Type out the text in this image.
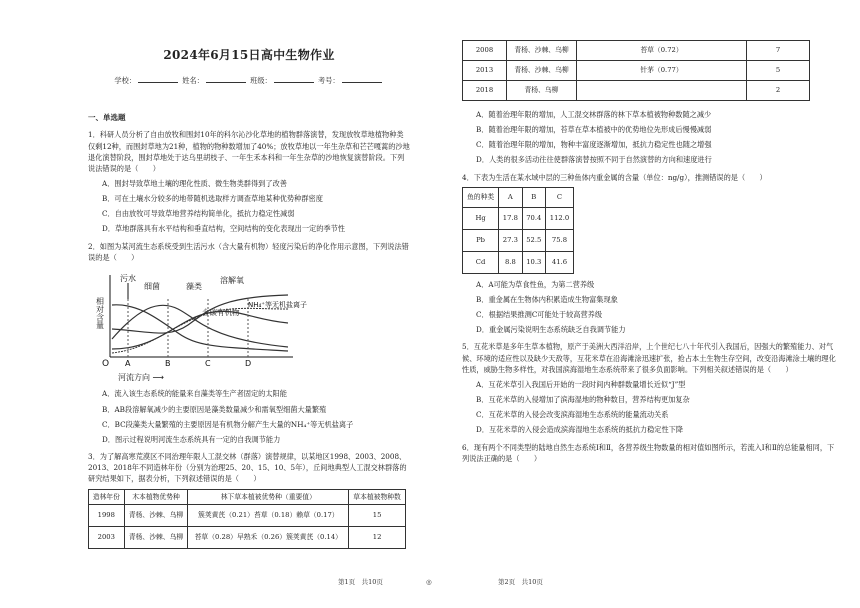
2024年6月15日高中生物作业
学校：	姓名：	班级：	考号：
一、单选题

1．科研人员分析了自由放牧和围封10年的科尔沁沙化草地的植物群落演替，发现放牧草地植物种类仅剩12种，而围封草地为21种，植物的物种数增加了40%；放牧草地以一年生杂草和芒芒嘎蒿的沙地退化演替阶段，围封草地处于达乌里胡枝子、一年生禾本科和一年生杂草的沙地恢复演替阶段。下列说法错误的是（　　）

A．围封导致草地土壤的理化性质、微生物类群得到了改善

B．可在土壤水分较多的地带随机选取样方调查草地某种优势种群密度

C．自由放牧可导致草地营养结构简单化，抵抗力稳定性减弱

D．草地群落具有水平结构和垂直结构，空间结构的变化表现出一定的季节性

2．如图为某河流生态系统受到生活污水（含大量有机物）轻度污染后的净化作用示意图，下列说法错误的是（　　）

相对含量
污水
细菌	藻类
溶解氧
含碳有机物
NH₄⁺等无机盐离子
O A	B	C	D
河流方向 ⟶

A．流入该生态系统的能量来自藻类等生产者固定的太阳能

B．AB段溶解氧减少的主要原因是藻类数量减少和需氧型细菌大量繁殖

C．BC段藻类大量繁殖的主要原因是有机物分解产生大量的NH₄⁺等无机盐离子

D．图示过程说明河流生态系统具有一定的自我调节能力

3．为了解高寒荒漠区不同治理年限人工混交林（群落）演替规律，以某地区1998、2003、2008、2013、2018年不同造林年份（分别为治理25、20、15、10、5年），丘间地典型人工混交林群落的研究结果如下，据表分析，下列叙述错误的是（　　）

造林年份	木本植物优势种	林下草本植被优势种（重要值）	草本植被物种数
1998	青杨、沙棘、乌柳	簇荚黄芪（0.21）苔草（0.18）赖草（0.17）	15
2003	青杨、沙棘、乌柳	苔草（0.28）早熟禾（0.26）簇荚黄芪（0.14）	12
2008	青杨、沙棘、乌柳	苔草（0.72）	7
2013	青杨、沙棘、乌柳	针茅（0.77）	5
2018	青杨、乌柳		2

A．随着治理年限的增加，人工混交林群落的林下草本植被物种数随之减少

B．随着治理年限的增加，苔草在草本植被中的优势地位先形成后慢慢减弱

C．随着治理年限的增加，物种丰富度逐渐增加，抵抗力稳定性也随之增强

D．人类的很多活动往往使群落演替按照不同于自然演替的方向和速度进行

4．下表为生活在某水域中层的三种鱼体内重金属的含量（单位：ng/g），推测错误的是（　　）

鱼的种类	A	B	C
Hg	17.8	70.4	112.0
Pb	27.3	52.5	75.8
Cd	8.8	10.3	41.6

A．A可能为草食性鱼，为第二营养级

B．重金属在生物体内积累造成生物富集现象

C．根据结果推测C可能处于较高营养级

D．重金属污染说明生态系统缺乏自我调节能力

5．互花米草是多年生草本植物，原产于美洲大西洋沿岸，上个世纪七八十年代引入我国后，因强大的繁殖能力、对气候、环境的适应性以及缺少天敌等，互花米草在沿海滩涂迅速扩张，抢占本土生物生存空间，改变沿海滩涂土壤的理化性质，威胁生物多样性，对我国滨海湿地生态系统带来了很多负面影响。下列相关叙述错误的是（　　）

A．互花米草引入我国后开始的一段时间内种群数量增长近似“J”型

B．互花米草的入侵增加了滨海湿地的物种数目，营养结构更加复杂

C．互花米草的入侵会改变滨海湿地生态系统的能量流动关系

D．互花米草的入侵会造成滨海湿地生态系统的抵抗力稳定性下降

6．现有两个不同类型的陆地自然生态系统Ⅰ和Ⅱ，各营养级生物数量的相对值如图所示，若流入Ⅰ和Ⅱ的总能量相同，下列说法正确的是（　　）

第1页　共10页	◎	第2页　共10页
